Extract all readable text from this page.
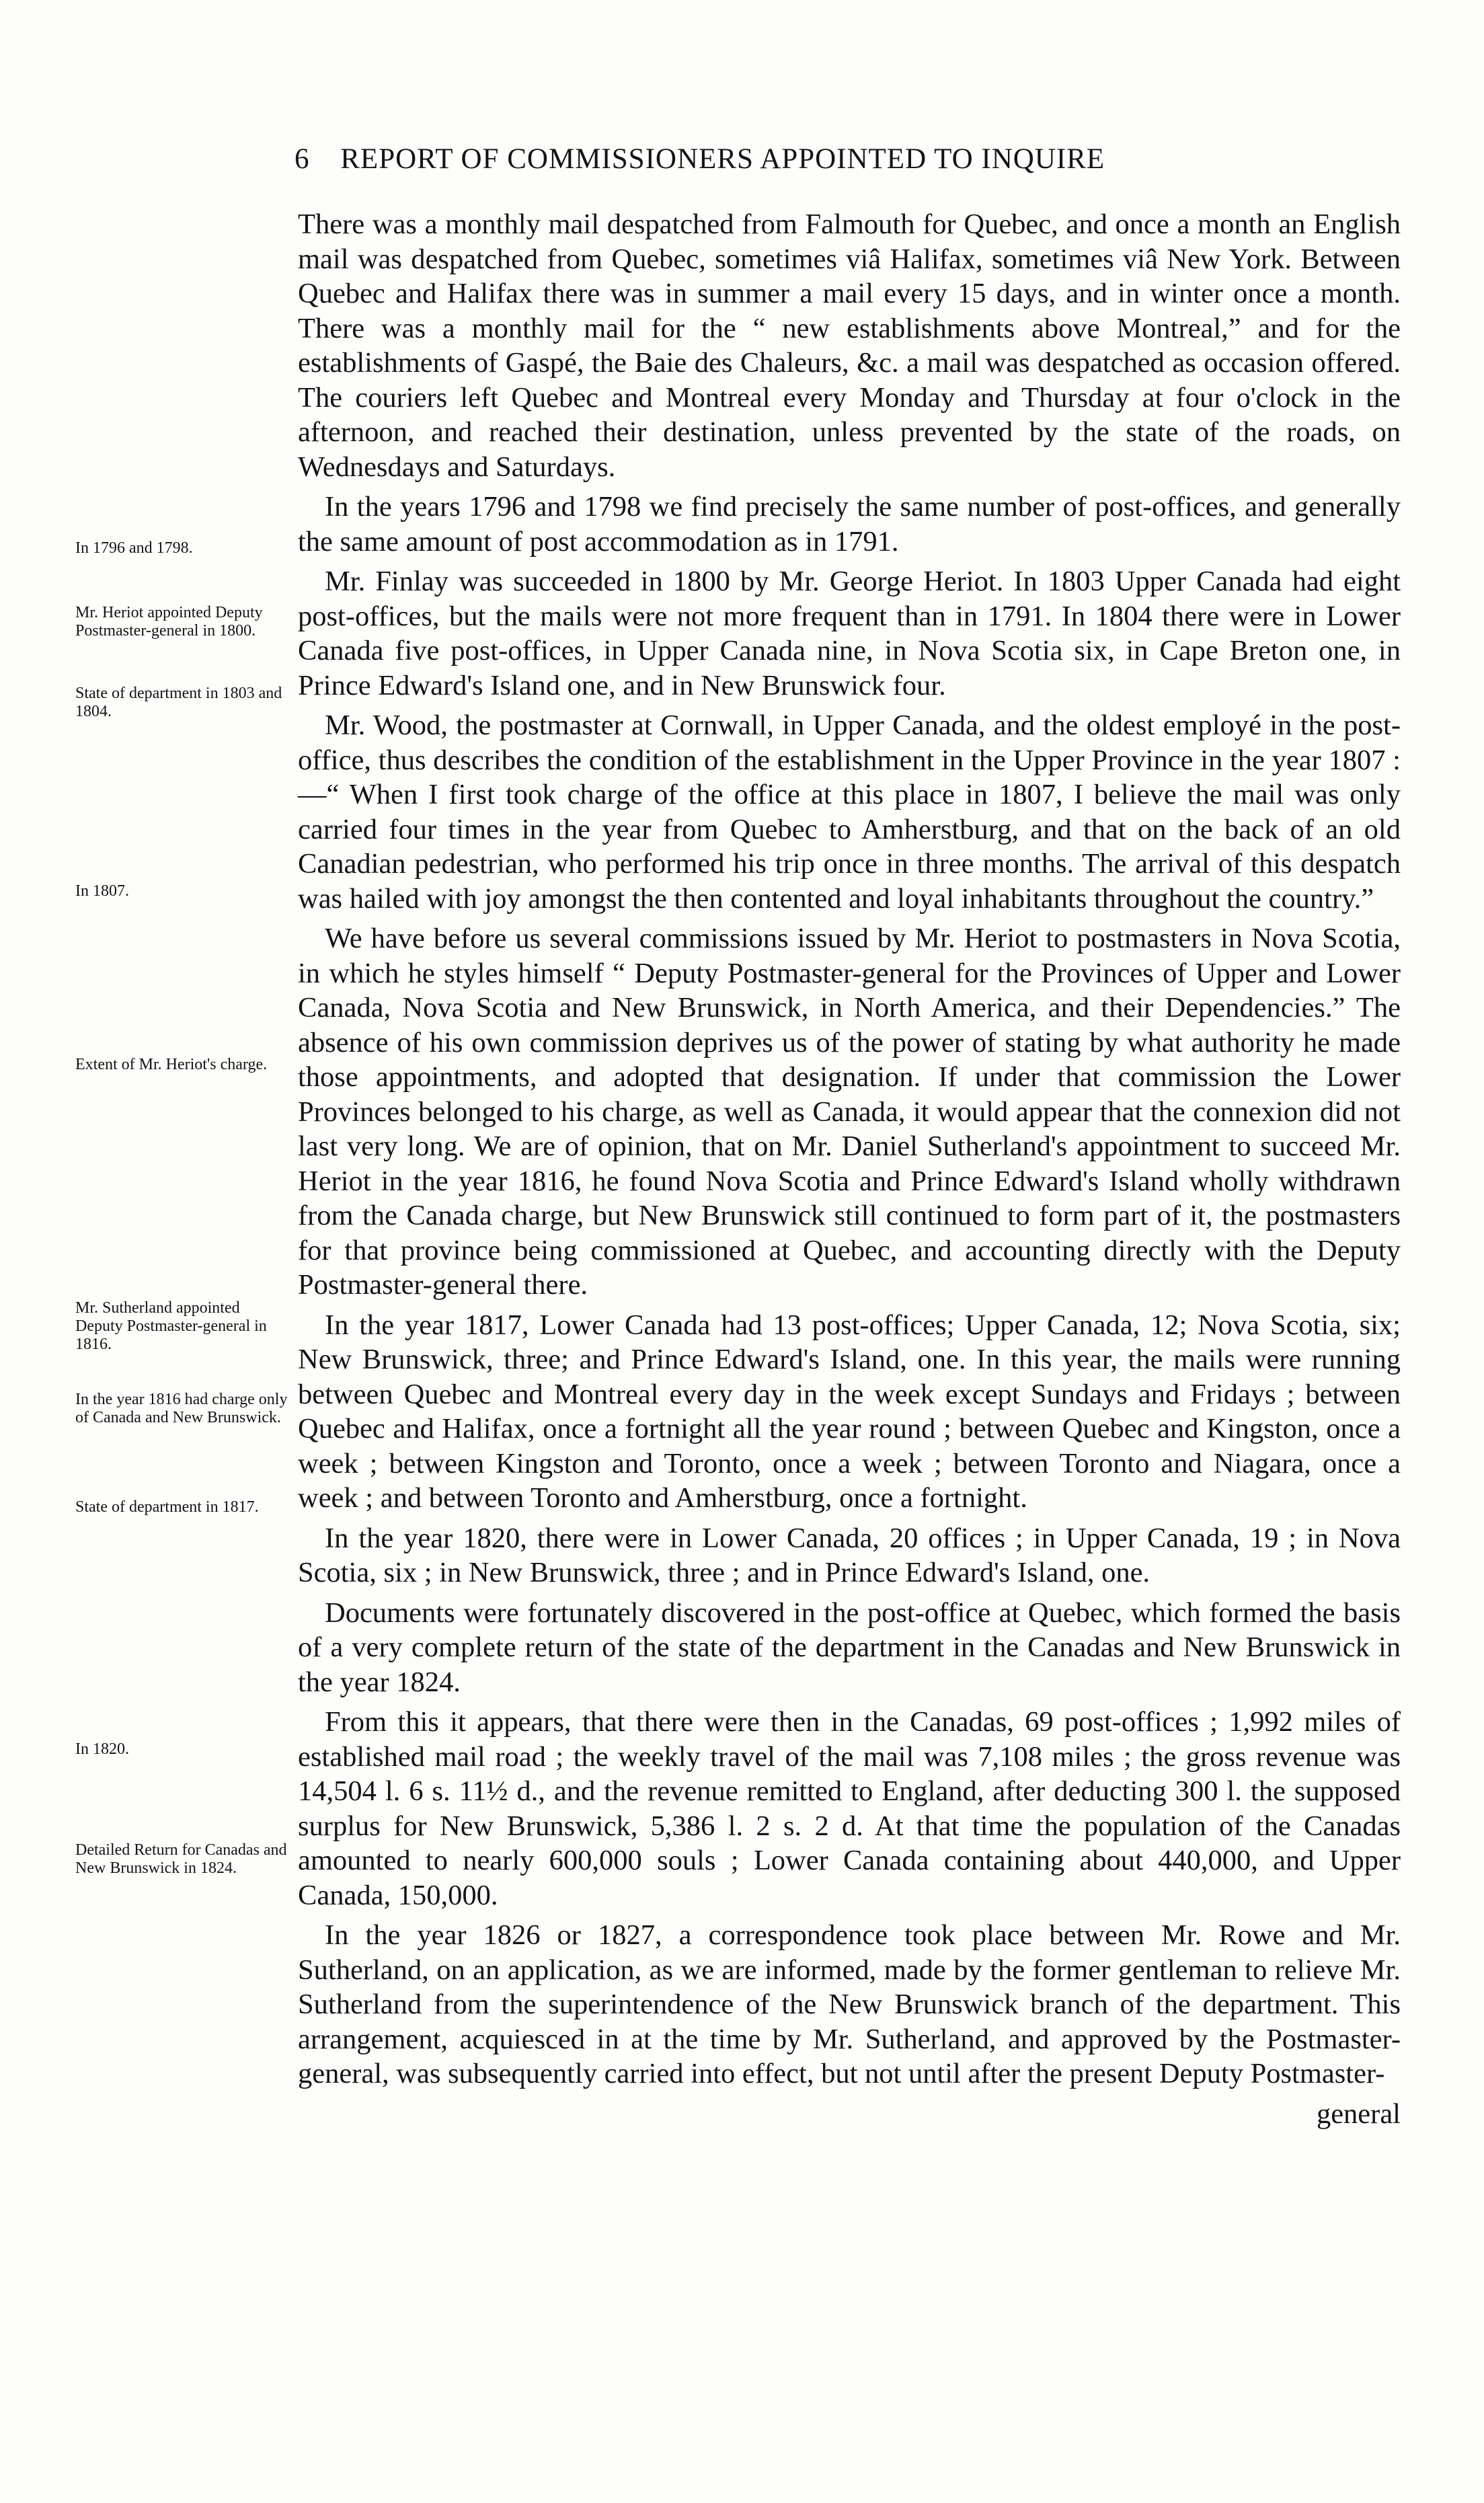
6 REPORT OF COMMISSIONERS APPOINTED TO INQUIRE

There was a monthly mail despatched from Falmouth for Quebec, and once a month an English mail was despatched from Quebec, sometimes viâ Halifax, sometimes viâ New York. Between Quebec and Halifax there was in summer a mail every 15 days, and in winter once a month. There was a monthly mail for the “ new establishments above Montreal,” and for the establishments of Gaspé, the Baie des Chaleurs, &c. a mail was despatched as occasion offered. The couriers left Quebec and Montreal every Monday and Thursday at four o'clock in the afternoon, and reached their destination, unless prevented by the state of the roads, on Wednesdays and Saturdays.

In the years 1796 and 1798 we find precisely the same number of post-offices, and generally the same amount of post accommodation as in 1791.

Mr. Finlay was succeeded in 1800 by Mr. George Heriot. In 1803 Upper Canada had eight post-offices, but the mails were not more frequent than in 1791. In 1804 there were in Lower Canada five post-offices, in Upper Canada nine, in Nova Scotia six, in Cape Breton one, in Prince Edward's Island one, and in New Brunswick four.

Mr. Wood, the postmaster at Cornwall, in Upper Canada, and the oldest employé in the post-office, thus describes the condition of the establishment in the Upper Province in the year 1807 :—“ When I first took charge of the office at this place in 1807, I believe the mail was only carried four times in the year from Quebec to Amherstburg, and that on the back of an old Canadian pedestrian, who performed his trip once in three months. The arrival of this despatch was hailed with joy amongst the then contented and loyal inhabitants throughout the country.”

We have before us several commissions issued by Mr. Heriot to postmasters in Nova Scotia, in which he styles himself “ Deputy Postmaster-general for the Provinces of Upper and Lower Canada, Nova Scotia and New Brunswick, in North America, and their Dependencies.” The absence of his own commission deprives us of the power of stating by what authority he made those appointments, and adopted that designation. If under that commission the Lower Provinces belonged to his charge, as well as Canada, it would appear that the connexion did not last very long. We are of opinion, that on Mr. Daniel Sutherland's appointment to succeed Mr. Heriot in the year 1816, he found Nova Scotia and Prince Edward's Island wholly withdrawn from the Canada charge, but New Brunswick still continued to form part of it, the postmasters for that province being commissioned at Quebec, and accounting directly with the Deputy Postmaster-general there.

In the year 1817, Lower Canada had 13 post-offices; Upper Canada, 12; Nova Scotia, six; New Brunswick, three; and Prince Edward's Island, one. In this year, the mails were running between Quebec and Montreal every day in the week except Sundays and Fridays ; between Quebec and Halifax, once a fortnight all the year round ; between Quebec and Kingston, once a week ; between Kingston and Toronto, once a week ; between Toronto and Niagara, once a week ; and between Toronto and Amherstburg, once a fortnight.

In the year 1820, there were in Lower Canada, 20 offices ; in Upper Canada, 19 ; in Nova Scotia, six ; in New Brunswick, three ; and in Prince Edward's Island, one.

Documents were fortunately discovered in the post-office at Quebec, which formed the basis of a very complete return of the state of the department in the Canadas and New Brunswick in the year 1824.

From this it appears, that there were then in the Canadas, 69 post-offices ; 1,992 miles of established mail road ; the weekly travel of the mail was 7,108 miles ; the gross revenue was 14,504 l. 6 s. 11½ d., and the revenue remitted to England, after deducting 300 l. the supposed surplus for New Brunswick, 5,386 l. 2 s. 2 d. At that time the population of the Canadas amounted to nearly 600,000 souls ; Lower Canada containing about 440,000, and Upper Canada, 150,000.

In the year 1826 or 1827, a correspondence took place between Mr. Rowe and Mr. Sutherland, on an application, as we are informed, made by the former gentleman to relieve Mr. Sutherland from the superintendence of the New Brunswick branch of the department. This arrangement, acquiesced in at the time by Mr. Sutherland, and approved by the Postmaster-general, was subsequently carried into effect, but not until after the present Deputy Postmaster-

general

In 1796 and 1798.
Mr. Heriot appointed Deputy Postmaster-general in 1800.
State of department in 1803 and 1804.
In 1807.
Extent of Mr. Heriot's charge.
Mr. Sutherland appointed Deputy Postmaster-general in 1816.
In the year 1816 had charge only of Canada and New Brunswick.
State of department in 1817.
In 1820.
Detailed Return for Canadas and New Brunswick in 1824.
